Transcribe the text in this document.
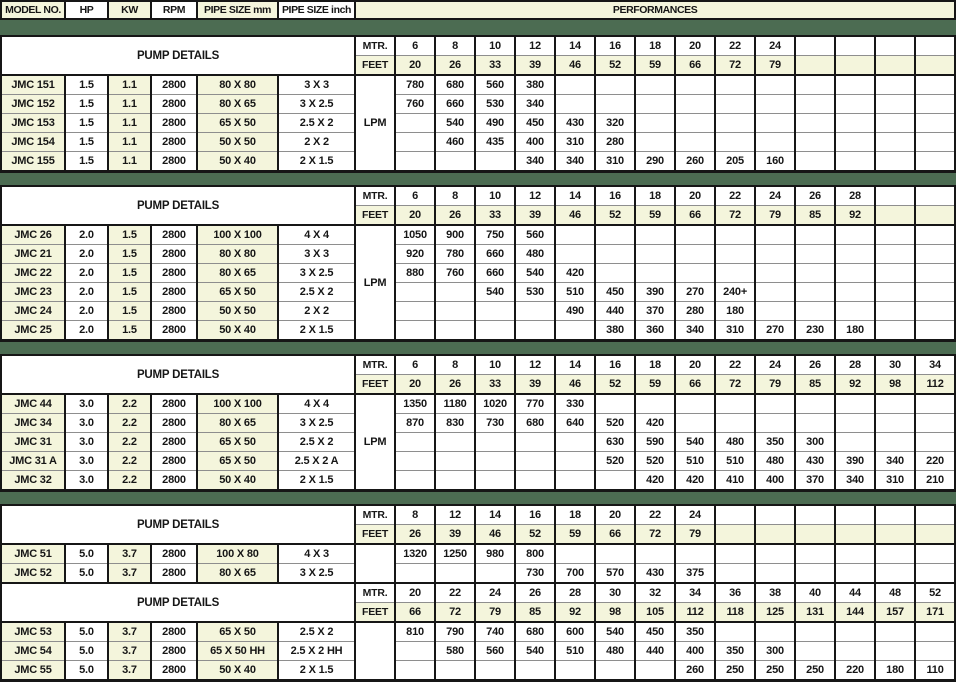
MODEL NO.	HP	KW	RPM	PIPE SIZE mm	PIPE SIZE inch	PERFORMANCES
PUMP DETAILS						MTR.	6	8	10	12	14	16	18	20	22	24				
						FEET	20	26	33	39	46	52	59	66	72	79				
JMC 151	1.5	1.1	2800	80 X 80	3 X 3	LPM	780	680	560	380										
JMC 152	1.5	1.1	2800	80 X 65	3 X 2.5		760	660	530	340										
JMC 153	1.5	1.1	2800	65 X 50	2.5 X 2			540	490	450	430	320								
JMC 154	1.5	1.1	2800	50 X 50	2 X 2			460	435	400	310	280								
JMC 155	1.5	1.1	2800	50 X 40	2 X 1.5					340	340	310	290	260	205	160				
PUMP DETAILS						MTR.	6	8	10	12	14	16	18	20	22	24	26	28		
						FEET	20	26	33	39	46	52	59	66	72	79	85	92		
JMC 26	2.0	1.5	2800	100 X 100	4 X 4	LPM	1050	900	750	560										
JMC 21	2.0	1.5	2800	80 X 80	3 X 3		920	780	660	480										
JMC 22	2.0	1.5	2800	80 X 65	3 X 2.5		880	760	660	540	420									
JMC 23	2.0	1.5	2800	65 X 50	2.5 X 2				540	530	510	450	390	270	240+					
JMC 24	2.0	1.5	2800	50 X 50	2 X 2						490	440	370	280	180					
JMC 25	2.0	1.5	2800	50 X 40	2 X 1.5							380	360	340	310	270	230	180		
PUMP DETAILS						MTR.	6	8	10	12	14	16	18	20	22	24	26	28	30	34
						FEET	20	26	33	39	46	52	59	66	72	79	85	92	98	112
JMC 44	3.0	2.2	2800	100 X 100	4 X 4	LPM	1350	1180	1020	770	330									
JMC 34	3.0	2.2	2800	80 X 65	3 X 2.5		870	830	730	680	640	520	420							
JMC 31	3.0	2.2	2800	65 X 50	2.5 X 2							630	590	540	480	350	300			
JMC 31 A	3.0	2.2	2800	65 X 50	2.5 X 2 A							520	520	510	510	480	430	390	340	220
JMC 32	3.0	2.2	2800	50 X 40	2 X 1.5								420	420	410	400	370	340	310	210
PUMP DETAILS						MTR.	8	12	14	16	18	20	22	24						
						FEET	26	39	46	52	59	66	72	79						
JMC 51	5.0	3.7	2800	100 X 80	4 X 3		1320	1250	980	800										
JMC 52	5.0	3.7	2800	80 X 65	3 X 2.5					730	700	570	430	375						
PUMP DETAILS						MTR.	20	22	24	26	28	30	32	34	36	38	40	44	48	52
						FEET	66	72	79	85	92	98	105	112	118	125	131	144	157	171
JMC 53	5.0	3.7	2800	65 X 50	2.5 X 2		810	790	740	680	600	540	450	350						
JMC 54	5.0	3.7	2800	65 X 50 HH	2.5 X 2 HH			580	560	540	510	480	440	400	350	300				
JMC 55	5.0	3.7	2800	50 X 40	2 X 1.5									260	250	250	250	220	180	110
